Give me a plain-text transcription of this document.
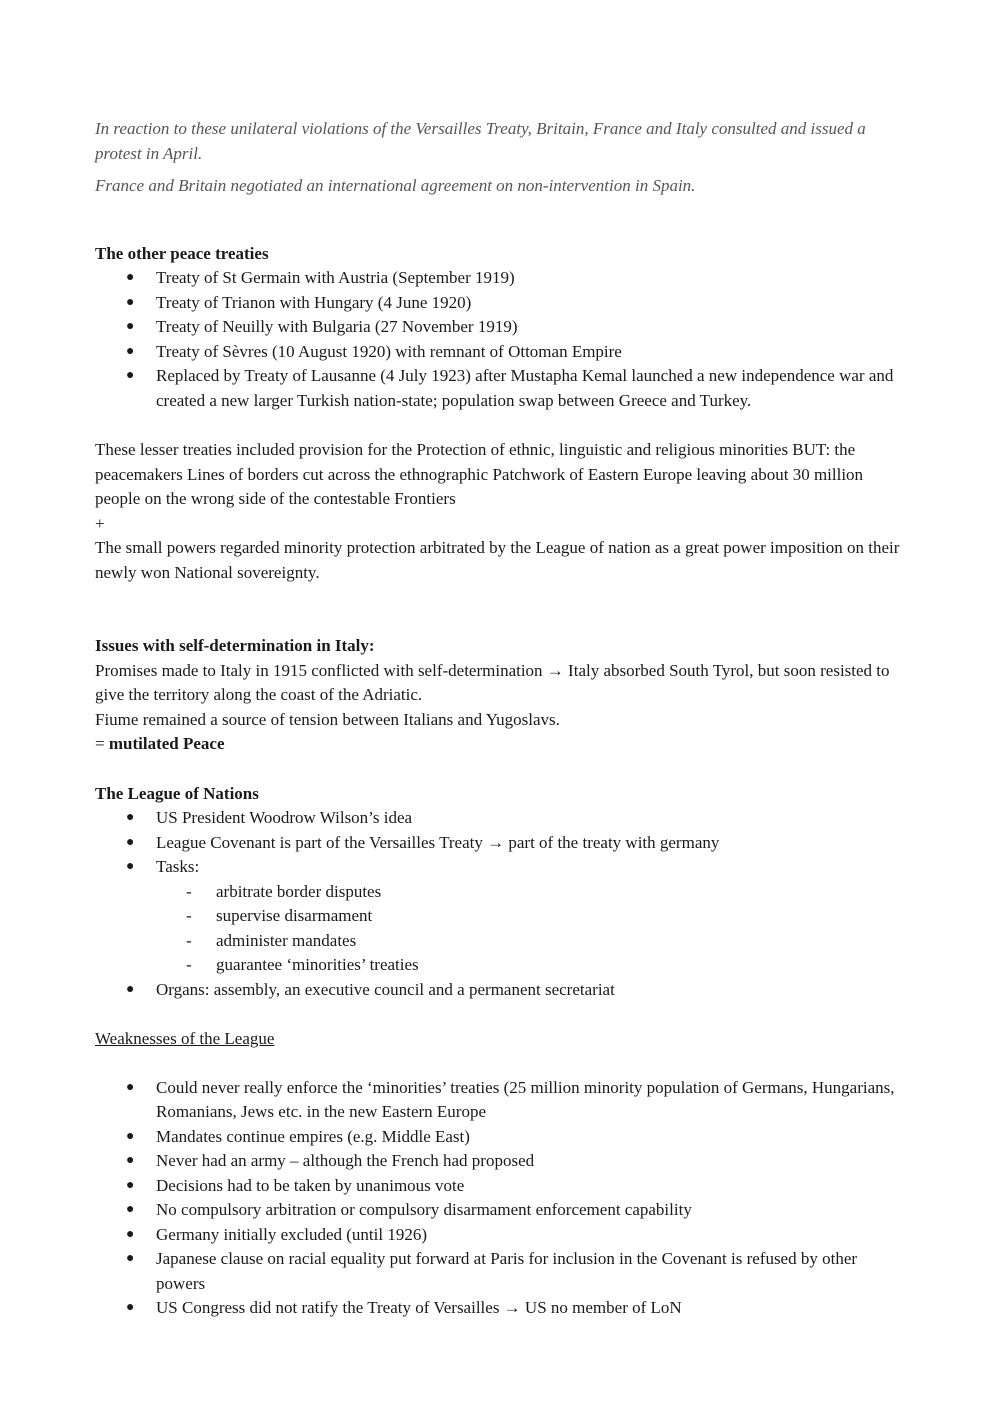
In reaction to these unilateral violations of the Versailles Treaty, Britain, France and Italy consulted and issued a protest in April.

France and Britain negotiated an international agreement on non-intervention in Spain.

The other peace treaties

● Treaty of St Germain with Austria (September 1919)
● Treaty of Trianon with Hungary (4 June 1920)
● Treaty of Neuilly with Bulgaria (27 November 1919)
● Treaty of Sèvres (10 August 1920) with remnant of Ottoman Empire
● Replaced by Treaty of Lausanne (4 July 1923) after Mustapha Kemal launched a new independence war and created a new larger Turkish nation-state; population swap between Greece and Turkey.

These lesser treaties included provision for the Protection of ethnic, linguistic and religious minorities BUT: the peacemakers Lines of borders cut across the ethnographic Patchwork of Eastern Europe leaving about 30 million people on the wrong side of the contestable Frontiers

+

The small powers regarded minority protection arbitrated by the League of nation as a great power imposition on their newly won National sovereignty.

Issues with self-determination in Italy:

Promises made to Italy in 1915 conflicted with self-determination → Italy absorbed South Tyrol, but soon resisted to give the territory along the coast of the Adriatic.

Fiume remained a source of tension between Italians and Yugoslavs.

= mutilated Peace

The League of Nations

● US President Woodrow Wilson’s idea
● League Covenant is part of the Versailles Treaty → part of the treaty with germany
● Tasks:
- arbitrate border disputes
- supervise disarmament
- administer mandates
- guarantee ‘minorities’ treaties
● Organs: assembly, an executive council and a permanent secretariat

Weaknesses of the League

● Could never really enforce the ‘minorities’ treaties (25 million minority population of Germans, Hungarians, Romanians, Jews etc. in the new Eastern Europe
● Mandates continue empires (e.g. Middle East)
● Never had an army – although the French had proposed
● Decisions had to be taken by unanimous vote
● No compulsory arbitration or compulsory disarmament enforcement capability
● Germany initially excluded (until 1926)
● Japanese clause on racial equality put forward at Paris for inclusion in the Covenant is refused by other powers
● US Congress did not ratify the Treaty of Versailles → US no member of LoN
